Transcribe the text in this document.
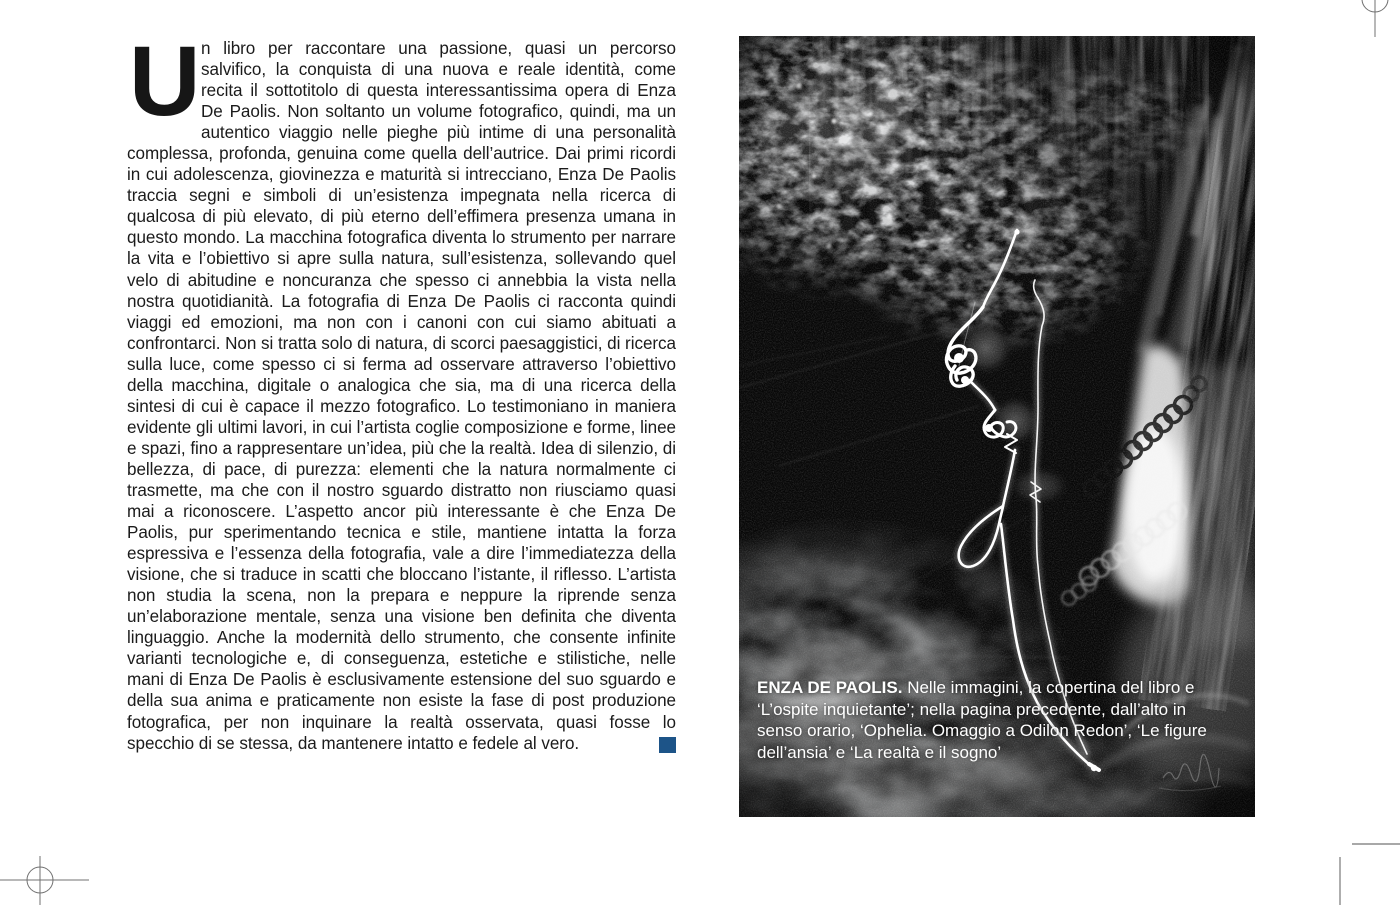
Un libro per raccontare una passione, quasi un percorso salvifico, la conquista di una nuova e reale identità, come recita il sottotitolo di questa interessantissima opera di Enza De Paolis. Non soltanto un volume fotografico, quindi, ma un autentico viaggio nelle pieghe più intime di una personalità complessa, profonda, genuina come quella dell’autrice. Dai primi ricordi in cui adolescenza, giovinezza e maturità si intrecciano, Enza De Paolis traccia segni e simboli di un’esistenza impegnata nella ricerca di qualcosa di più elevato, di più eterno dell’effimera presenza umana in questo mondo. La macchina fotografica diventa lo strumento per narrare la vita e l’obiettivo si apre sulla natura, sull’esistenza, sollevando quel velo di abitudine e noncuranza che spesso ci annebbia la vista nella nostra quotidianità. La fotografia di Enza De Paolis ci racconta quindi viaggi ed emozioni, ma non con i canoni con cui siamo abituati a confrontarci. Non si tratta solo di natura, di scorci paesaggistici, di ricerca sulla luce, come spesso ci si ferma ad osservare attraverso l’obiettivo della macchina, digitale o analogica che sia, ma di una ricerca della sintesi di cui è capace il mezzo fotografico. Lo testimoniano in maniera evidente gli ultimi lavori, in cui l’artista coglie composizione e forme, linee e spazi, fino a rappresentare un’idea, più che la realtà. Idea di silenzio, di bellezza, di pace, di purezza: elementi che la natura normalmente ci trasmette, ma che con il nostro sguardo distratto non riusciamo quasi mai a riconoscere. L’aspetto ancor più interessante è che Enza De Paolis, pur sperimentando tecnica e stile, mantiene intatta la forza espressiva e l’essenza della fotografia, vale a dire l’immediatezza della visione, che si traduce in scatti che bloccano l’istante, il riflesso. L’artista non studia la scena, non la prepara e neppure la riprende senza un’elaborazione mentale, senza una visione ben definita che diventa linguaggio. Anche la modernità dello strumento, che consente infinite varianti tecnologiche e, di conseguenza, estetiche e stilistiche, nelle mani di Enza De Paolis è esclusivamente estensione del suo sguardo e della sua anima e praticamente non esiste la fase di post produzione fotografica, per non inquinare la realtà osservata, quasi fosse lo specchio di se stessa, da mantenere intatto e fedele al vero.

ENZA DE PAOLIS. Nelle immagini, la copertina del libro e ‘L’ospite inquietante’; nella pagina precedente, dall’alto in senso orario, ‘Ophelia. Omaggio a Odilon Redon’, ‘Le figure dell’ansia’ e ‘La realtà e il sogno’
